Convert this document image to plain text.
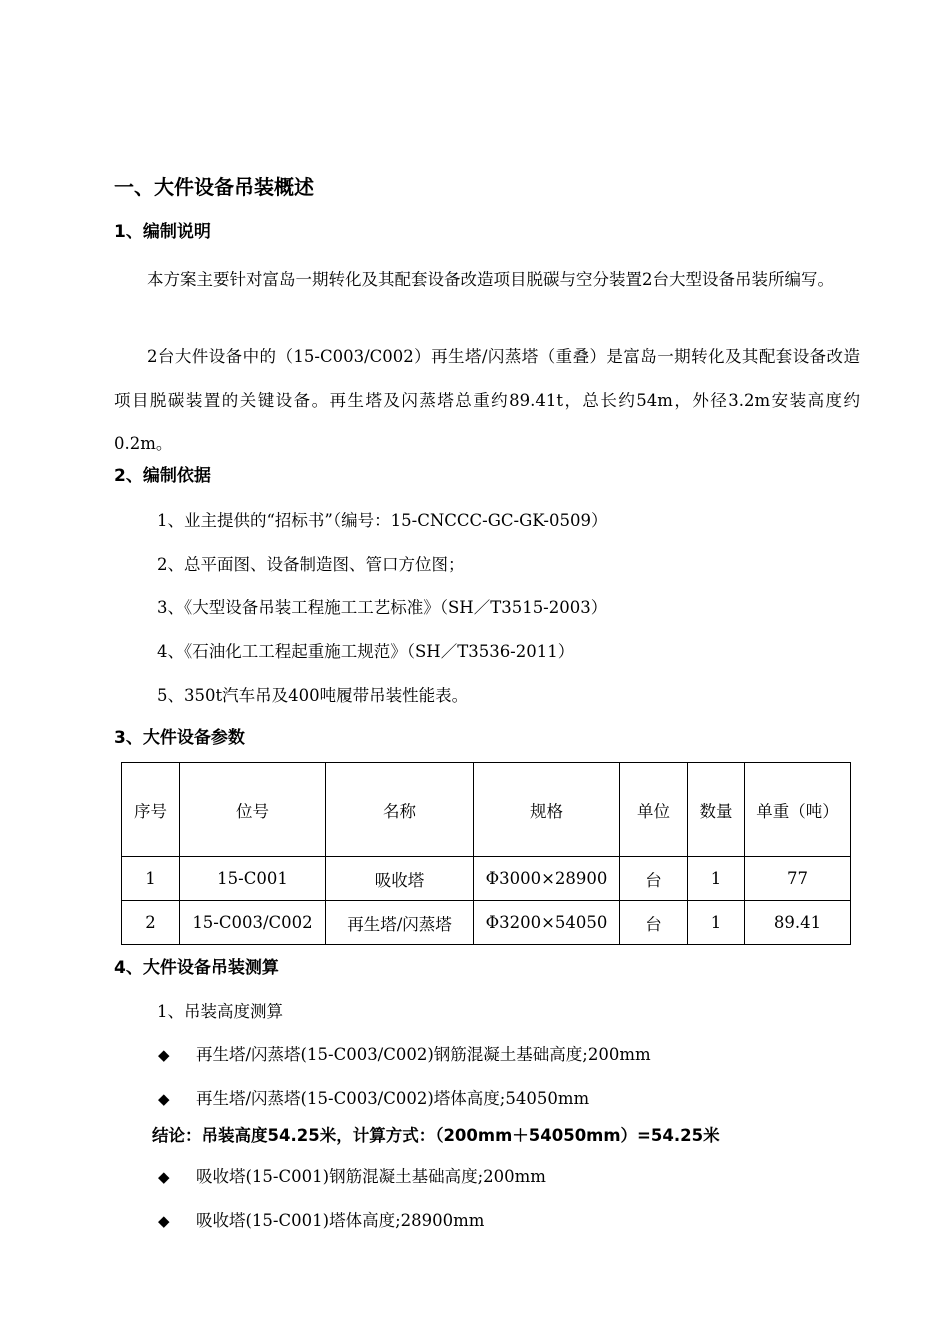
一、大件设备吊装概述
1、编制说明

本方案主要针对富岛一期转化及其配套设备改造项目脱碳与空分装置2台大型设备吊装所编写。

2台大件设备中的（15-C003/C002）再生塔/闪蒸塔（重叠）是富岛一期转化及其配套设备改造项目脱碳装置的关键设备。再生塔及闪蒸塔总重约89.41t，总长约54m，外径3.2m安装高度约0.2m。

2、编制依据
1、业主提供的“招标书”（编号：15-CNCCC-GC-GK-0509）
2、总平面图、设备制造图、管口方位图；
3、《大型设备吊装工程施工工艺标准》（SH／T3515-2003）
4、《石油化工工程起重施工规范》（SH／T3536-2011）
5、350t汽车吊及400吨履带吊装性能表。
3、大件设备参数
序号	位号	名称	规格	单位	数量	单重（吨）
1	15-C001	吸收塔	Φ3000×28900	台	1	77
2	15-C003/C002	再生塔/闪蒸塔	Φ3200×54050	台	1	89.41
4、大件设备吊装测算
1、吊装高度测算
◆ 再生塔/闪蒸塔(15-C003/C002)钢筋混凝土基础高度;200mm
◆ 再生塔/闪蒸塔(15-C003/C002)塔体高度;54050mm
结论：吊装高度54.25米，计算方式：（200mm＋54050mm）=54.25米
◆ 吸收塔(15-C001)钢筋混凝土基础高度;200mm
◆ 吸收塔(15-C001)塔体高度;28900mm
